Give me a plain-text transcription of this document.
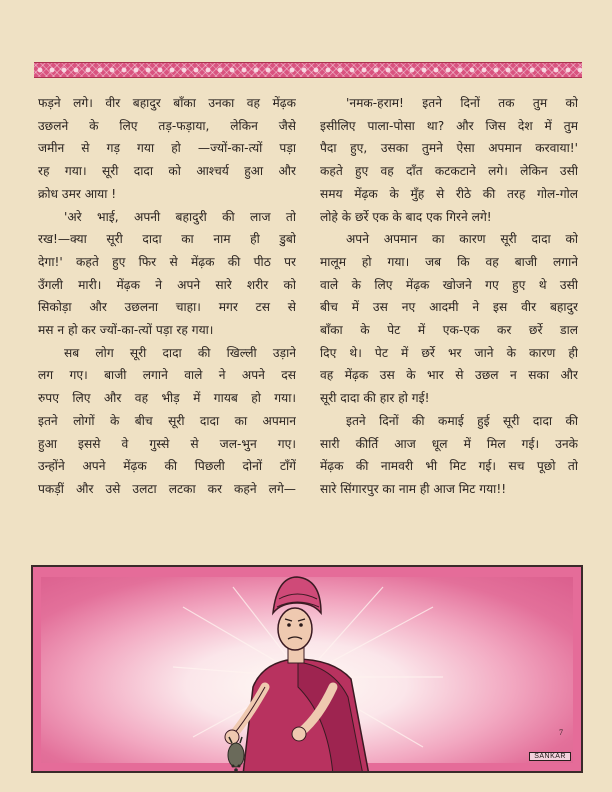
फड़ने लगे। वीर बहादुर बाँका उनका वह मेंढ़क
उछलने के लिए तड़-फड़ाया, लेकिन जैसे
जमीन से गड़ गया हो —ज्यों-का-त्यों पड़ा
रह गया। सूरी दादा को आश्चर्य हुआ और
क्रोध उमर आया !
'अरे भाई, अपनी बहादुरी की लाज तो
रख!—क्या सूरी दादा का नाम ही डुबो
देगा!' कहते हुए फिर से मेंढ़क की पीठ पर
उँगली मारी। मेंढ़क ने अपने सारे शरीर को
सिकोड़ा और उछलना चाहा। मगर टस से
मस न हो कर ज्यों-का-त्यों पड़ा रह गया।
सब लोग सूरी दादा की खिल्ली उड़ाने
लग गए। बाजी लगाने वाले ने अपने दस
रुपए लिए और वह भीड़ में गायब हो गया।
इतने लोगों के बीच सूरी दादा का अपमान
हुआ इससे वे गुस्से से जल-भुन गए।
उन्होंने अपने मेंढ़क की पिछली दोनों टाँगें
पकड़ीं और उसे उलटा लटका कर कहने लगे—
'नमक-हराम! इतने दिनों तक तुम को
इसीलिए पाला-पोसा था? और जिस देश में तुम
पैदा हुए, उसका तुमने ऐसा अपमान करवाया!'
कहते हुए वह दाँत कटकटाने लगे। लेकिन उसी
समय मेंढ़क के मुँह से रीठे की तरह गोल-गोल
लोहे के छर्रे एक के बाद एक गिरने लगे!
अपने अपमान का कारण सूरी दादा को
मालूम हो गया। जब कि वह बाजी लगाने
वाले के लिए मेंढ़क खोजने गए हुए थे उसी
बीच में उस नए आदमी ने इस वीर बहादुर
बाँका के पेट में एक-एक कर छर्रे डाल
दिए थे। पेट में छर्रे भर जाने के कारण ही
वह मेंढ़क उस के भार से उछल न सका और
सूरी दादा की हार हो गई!
इतने दिनों की कमाई हुई सूरी दादा की
सारी कीर्ति आज धूल में मिल गई। उनके
मेंढ़क की नामवरी भी मिट गई। सच पूछो तो
सारे सिंगारपुर का नाम ही आज मिट गया!!
7
SANKAR
